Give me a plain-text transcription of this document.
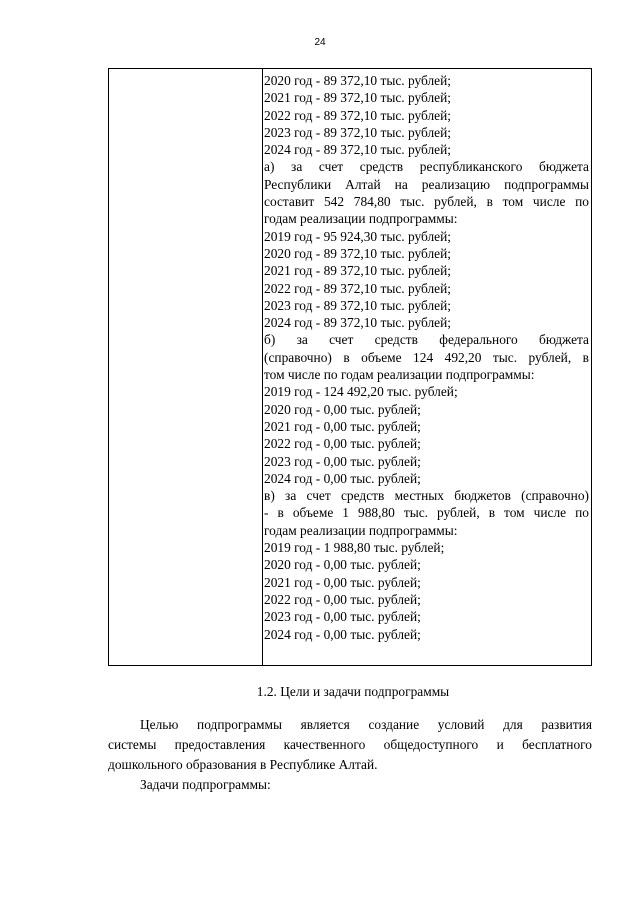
24
2020 год - 89 372,10 тыс. рублей;
2021 год - 89 372,10 тыс. рублей;
2022 год - 89 372,10 тыс. рублей;
2023 год - 89 372,10 тыс. рублей;
2024 год - 89 372,10 тыс. рублей;
а) за счет средств республиканского бюджета
Республики Алтай на реализацию подпрограммы
составит 542 784,80 тыс. рублей, в том числе по
годам реализации подпрограммы:
2019 год - 95 924,30 тыс. рублей;
2020 год - 89 372,10 тыс. рублей;
2021 год - 89 372,10 тыс. рублей;
2022 год - 89 372,10 тыс. рублей;
2023 год - 89 372,10 тыс. рублей;
2024 год - 89 372,10 тыс. рублей;
б) за счет средств федерального бюджета
(справочно) в объеме 124 492,20 тыс. рублей, в
том числе по годам реализации подпрограммы:
2019 год - 124 492,20 тыс. рублей;
2020 год - 0,00 тыс. рублей;
2021 год - 0,00 тыс. рублей;
2022 год - 0,00 тыс. рублей;
2023 год - 0,00 тыс. рублей;
2024 год - 0,00 тыс. рублей;
в) за счет средств местных бюджетов (справочно)
- в объеме 1 988,80 тыс. рублей, в том числе по
годам реализации подпрограммы:
2019 год - 1 988,80 тыс. рублей;
2020 год - 0,00 тыс. рублей;
2021 год - 0,00 тыс. рублей;
2022 год - 0,00 тыс. рублей;
2023 год - 0,00 тыс. рублей;
2024 год - 0,00 тыс. рублей;
1.2. Цели и задачи подпрограммы
Целью подпрограммы является создание условий для развития
системы предоставления качественного общедоступного и бесплатного
дошкольного образования в Республике Алтай.
Задачи подпрограммы:
